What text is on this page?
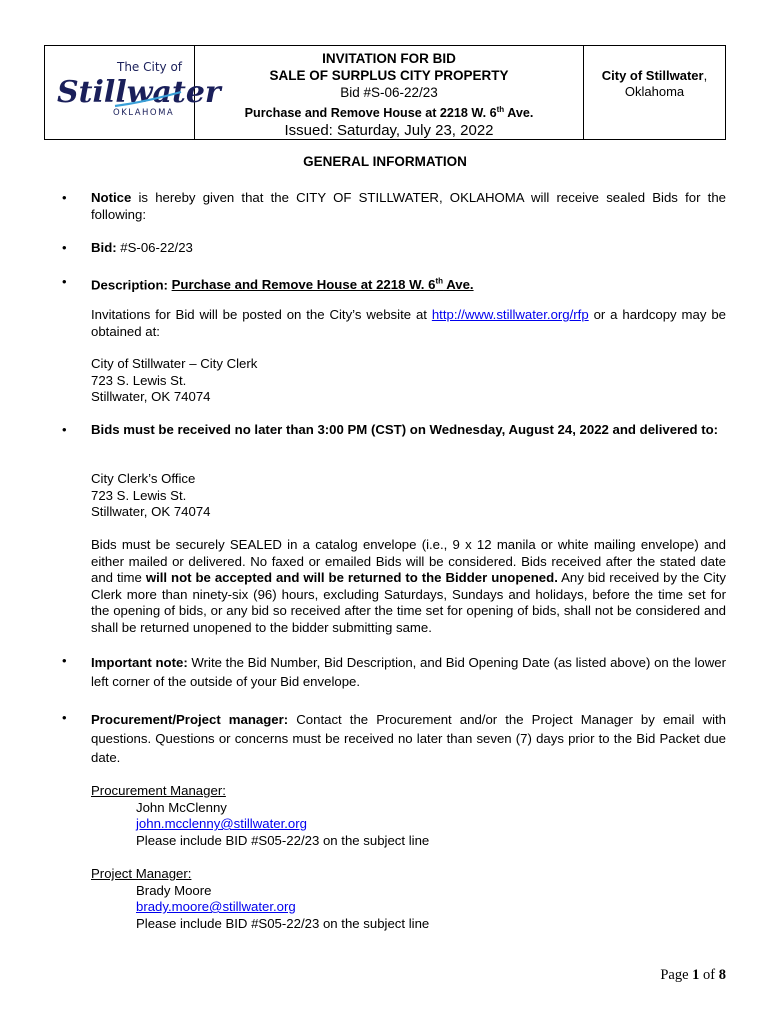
The City of
Stillwater
OKLAHOMA

INVITATION FOR BID
SALE OF SURPLUS CITY PROPERTY
Bid #S-06-22/23
Purchase and Remove House at 2218 W. 6th Ave.
Issued: Saturday, July 23, 2022

City of Stillwater,
Oklahoma
GENERAL INFORMATION
• Notice is hereby given that the CITY OF STILLWATER, OKLAHOMA will receive sealed Bids for the following:
• Bid: #S-06-22/23
• Description: Purchase and Remove House at 2218 W. 6th Ave.
Invitations for Bid will be posted on the City’s website at http://www.stillwater.org/rfp or a hardcopy may be obtained at:
City of Stillwater – City Clerk
723 S. Lewis St.
Stillwater, OK 74074
• Bids must be received no later than 3:00 PM (CST) on Wednesday, August 24, 2022 and delivered to:
City Clerk’s Office
723 S. Lewis St.
Stillwater, OK 74074
Bids must be securely SEALED in a catalog envelope (i.e., 9 x 12 manila or white mailing envelope) and either mailed or delivered. No faxed or emailed Bids will be considered. Bids received after the stated date and time will not be accepted and will be returned to the Bidder unopened. Any bid received by the City Clerk more than ninety-six (96) hours, excluding Saturdays, Sundays and holidays, before the time set for the opening of bids, or any bid so received after the time set for opening of bids, shall not be considered and shall be returned unopened to the bidder submitting same.
• Important note: Write the Bid Number, Bid Description, and Bid Opening Date (as listed above) on the lower left corner of the outside of your Bid envelope.
• Procurement/Project manager: Contact the Procurement and/or the Project Manager by email with questions. Questions or concerns must be received no later than seven (7) days prior to the Bid Packet due date.
Procurement Manager:
John McClenny
john.mcclenny@stillwater.org
Please include BID #S05-22/23 on the subject line
Project Manager:
Brady Moore
brady.moore@stillwater.org
Please include BID #S05-22/23 on the subject line
Page 1 of 8
